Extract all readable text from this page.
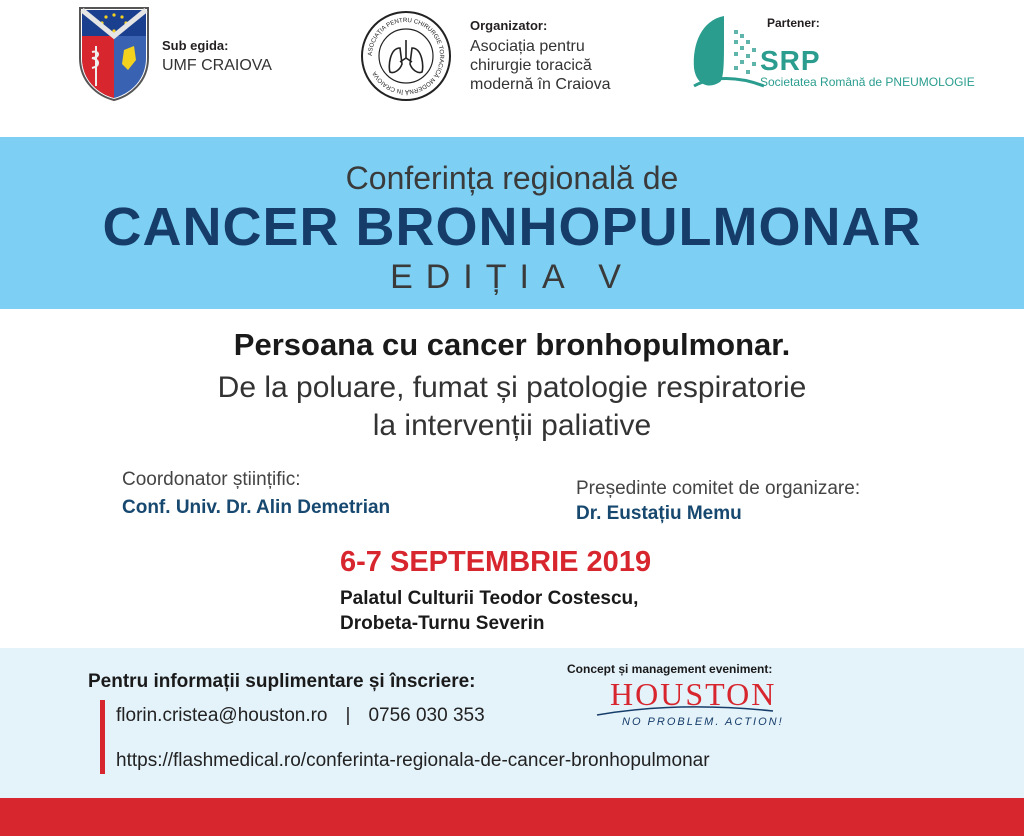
Sub egida:
UMF CRAIOVA
ASOCIAȚIA PENTRU CHIRURGIE TORACICĂ MODERNĂ ÎN CRAIOVA
Organizator:
Asociația pentru
chirurgie toracică
modernă în Craiova
Partener:
SRP
Societatea Română de PNEUMOLOGIE
Conferința regională de
CANCER BRONHOPULMONAR
EDIȚIA V
Persoana cu cancer bronhopulmonar.
De la poluare, fumat și patologie respiratorie
la intervenții paliative
Coordonator științific:
Conf. Univ. Dr. Alin Demetrian
Președinte comitet de organizare:
Dr. Eustațiu Memu
6-7 SEPTEMBRIE 2019
Palatul Culturii Teodor Costescu,
Drobeta-Turnu Severin
Pentru informații suplimentare și înscriere:
florin.cristea@houston.ro | 0756 030 353
https://flashmedical.ro/conferinta-regionala-de-cancer-bronhopulmonar
Concept și management eveniment:
HOUSTON
NO PROBLEM. ACTION!
